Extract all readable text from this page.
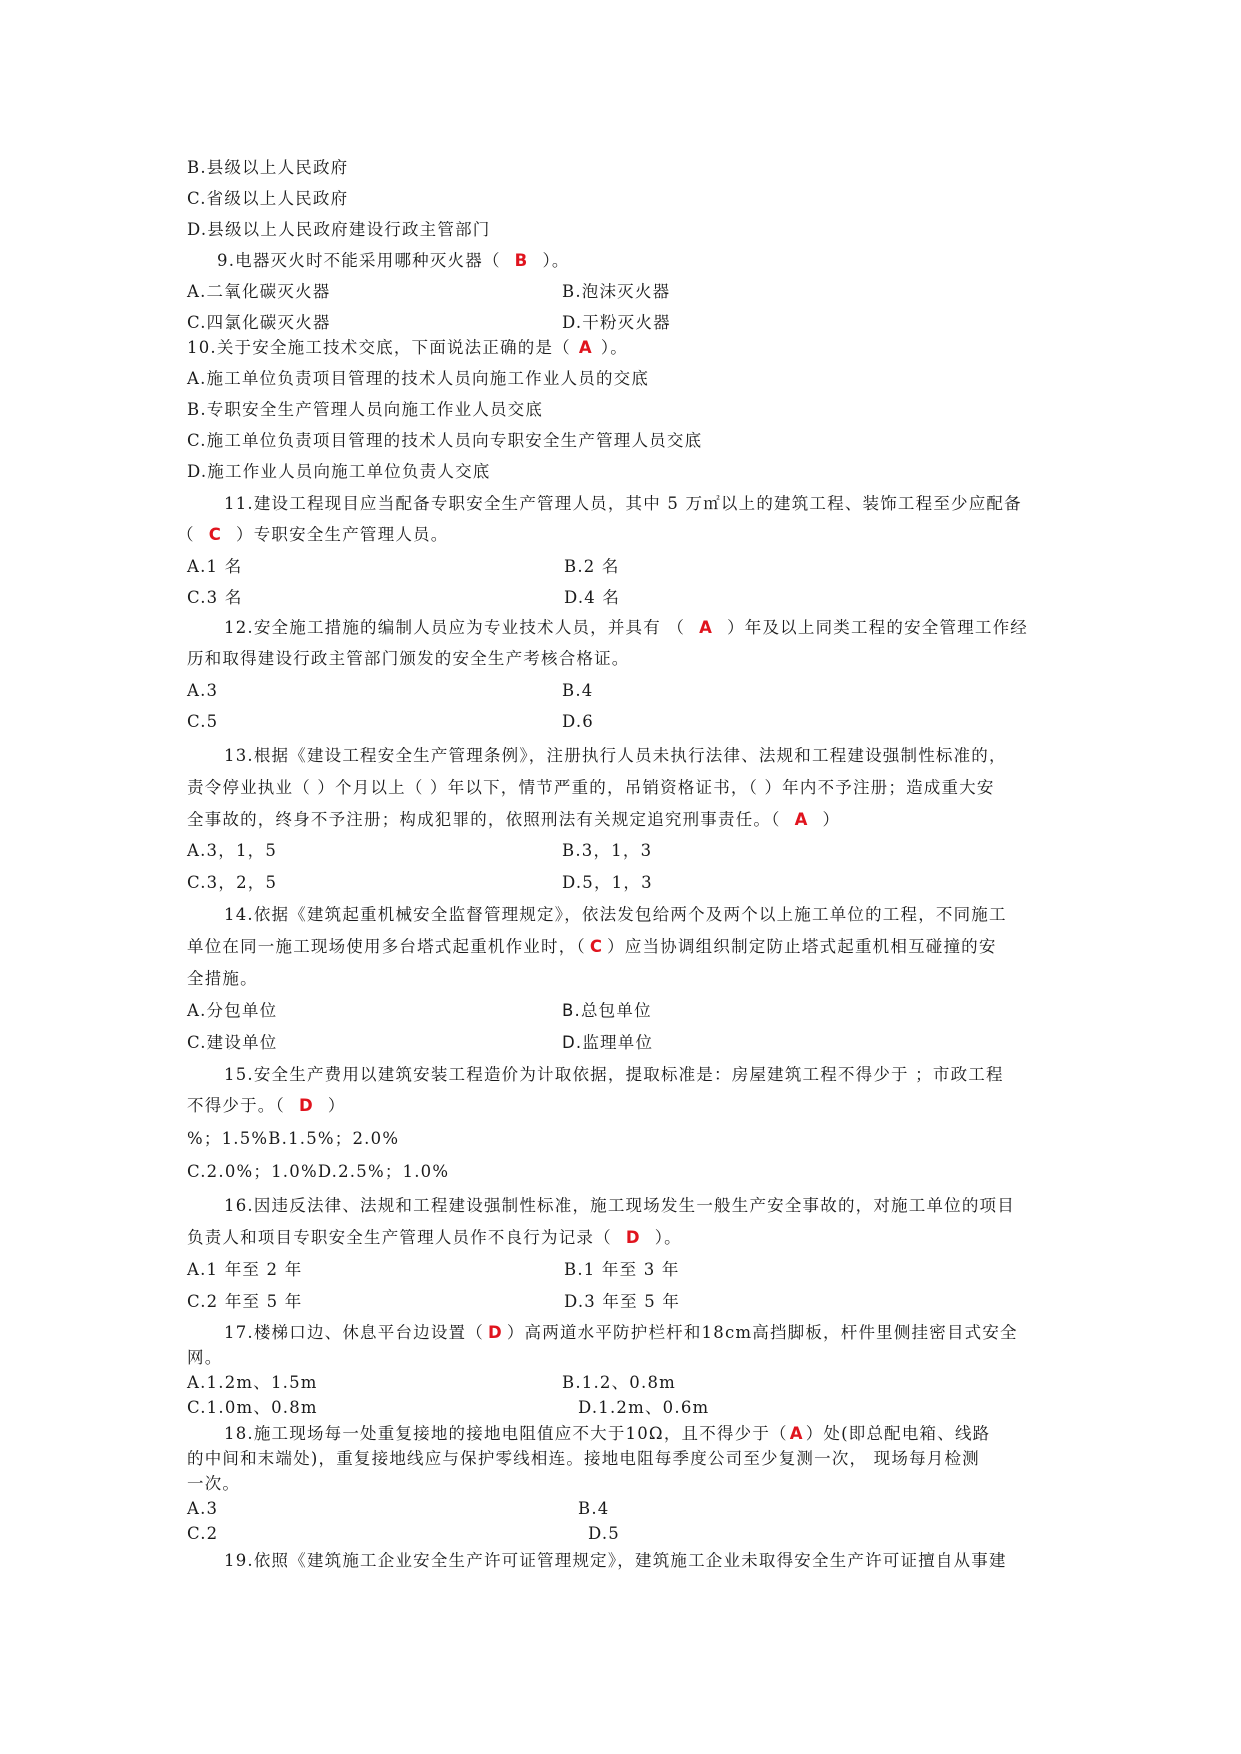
B.县级以上人民政府
C.省级以上人民政府
D.县级以上人民政府建设行政主管部门
9.电器灭火时不能采用哪种灭火器（ B ）。
A.二氧化碳灭火器	B.泡沫灭火器
C.四氯化碳灭火器	D.干粉灭火器
10.关于安全施工技术交底，下面说法正确的是（ A ）。
A.施工单位负责项目管理的技术人员向施工作业人员的交底
B.专职安全生产管理人员向施工作业人员交底
C.施工单位负责项目管理的技术人员向专职安全生产管理人员交底
D.施工作业人员向施工单位负责人交底
11.建设工程现目应当配备专职安全生产管理人员，其中 5 万㎡以上的建筑工程、装饰工程至少应配备
（ C ）专职安全生产管理人员。
A.1 名	B.2 名
C.3 名	D.4 名
12.安全施工措施的编制人员应为专业技术人员，并具有 （ A ）年及以上同类工程的安全管理工作经
历和取得建设行政主管部门颁发的安全生产考核合格证。
A.3	B.4
C.5	D.6
13.根据《建设工程安全生产管理条例》，注册执行人员未执行法律、法规和工程建设强制性标准的，
责令停业执业（ ）个月以上（ ）年以下，情节严重的，吊销资格证书，（ ）年内不予注册；造成重大安
全事故的，终身不予注册；构成犯罪的，依照刑法有关规定追究刑事责任。（ A ）
A.3，1，5	B.3，1，3
C.3，2，5	D.5，1，3
14.依据《建筑起重机械安全监督管理规定》，依法发包给两个及两个以上施工单位的工程，不同施工
单位在同一施工现场使用多台塔式起重机作业时，（ C ）应当协调组织制定防止塔式起重机相互碰撞的安
全措施。
A.分包单位	B.总包单位
C.建设单位	D.监理单位
15.安全生产费用以建筑安装工程造价为计取依据，提取标准是：房屋建筑工程不得少于 ；市政工程
不得少于。（ D ）
%；1.5%B.1.5%；2.0%
C.2.0%；1.0%D.2.5%；1.0%
16.因违反法律、法规和工程建设强制性标准，施工现场发生一般生产安全事故的，对施工单位的项目
负责人和项目专职安全生产管理人员作不良行为记录（ D ）。
A.1 年至 2 年	B.1 年至 3 年
C.2 年至 5 年	D.3 年至 5 年
17.楼梯口边、休息平台边设置（ D ）高两道水平防护栏杆和18cm高挡脚板，杆件里侧挂密目式安全
网。
A.1.2m、1.5m	B.1.2、0.8m
C.1.0m、0.8m	D.1.2m、0.6m
18.施工现场每一处重复接地的接地电阻值应不大于10Ω，且不得少于（ A ）处(即总配电箱、线路
的中间和末端处)，重复接地线应与保护零线相连。接地电阻每季度公司至少复测一次， 现场每月检测
一次。
A.3	B.4
C.2	D.5
19.依照《建筑施工企业安全生产许可证管理规定》，建筑施工企业未取得安全生产许可证擅自从事建
